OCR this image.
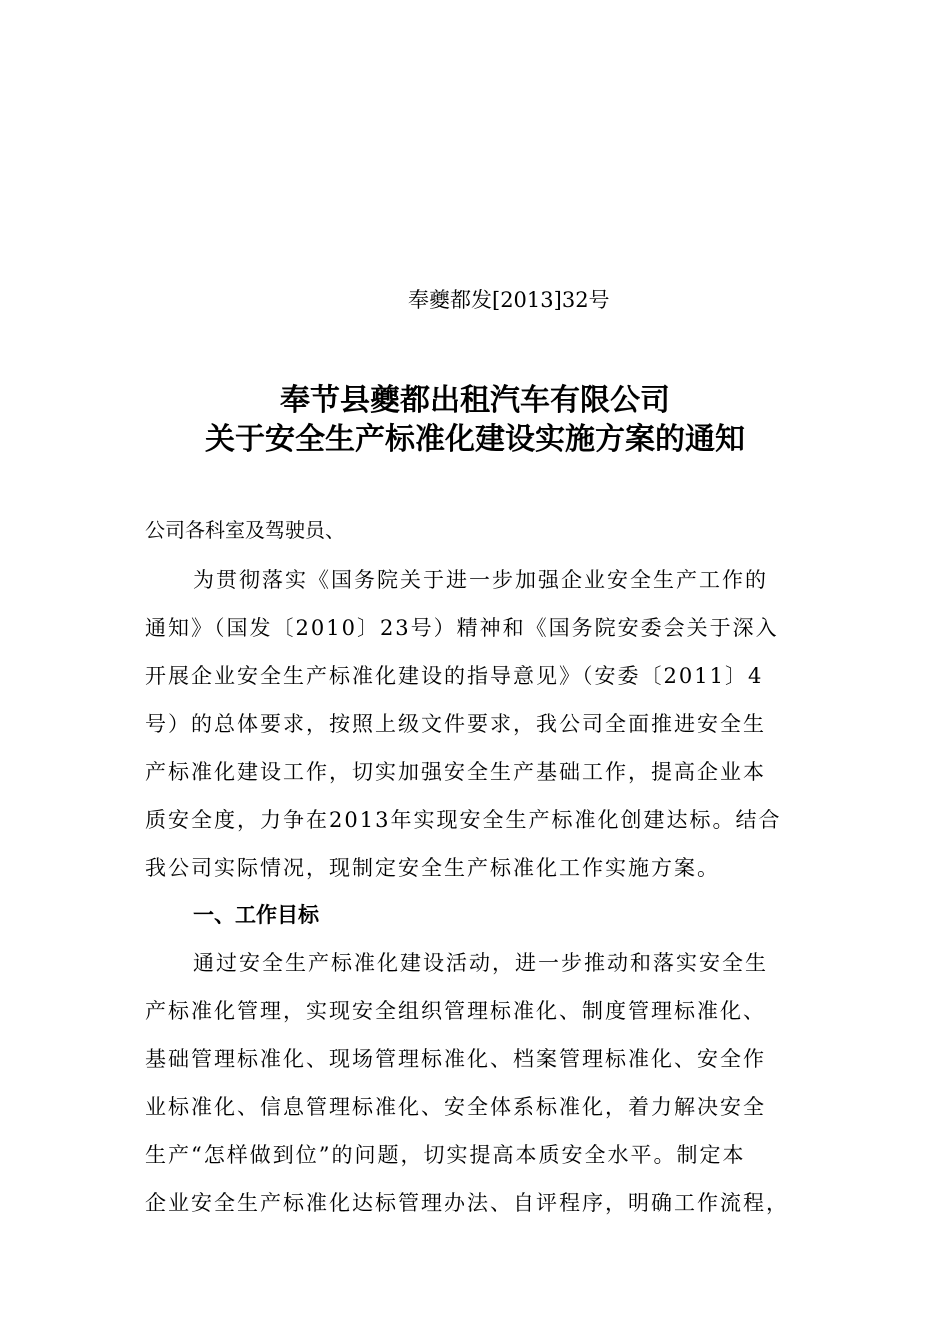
奉夔都发[2013]32号
奉节县夔都出租汽车有限公司
关于安全生产标准化建设实施方案的通知
公司各科室及驾驶员、
为贯彻落实《国务院关于进一步加强企业安全生产工作的
通知》（国发〔2010〕23号）精神和《国务院安委会关于深入
开展企业安全生产标准化建设的指导意见》（安委〔2011〕4
号）的总体要求，按照上级文件要求，我公司全面推进安全生
产标准化建设工作，切实加强安全生产基础工作，提高企业本
质安全度，力争在2013年实现安全生产标准化创建达标。结合
我公司实际情况，现制定安全生产标准化工作实施方案。
一、工作目标
通过安全生产标准化建设活动，进一步推动和落实安全生
产标准化管理，实现安全组织管理标准化、制度管理标准化、
基础管理标准化、现场管理标准化、档案管理标准化、安全作
业标准化、信息管理标准化、安全体系标准化，着力解决安全
生产“怎样做到位”的问题，切实提高本质安全水平。制定本
企业安全生产标准化达标管理办法、自评程序，明确工作流程，
